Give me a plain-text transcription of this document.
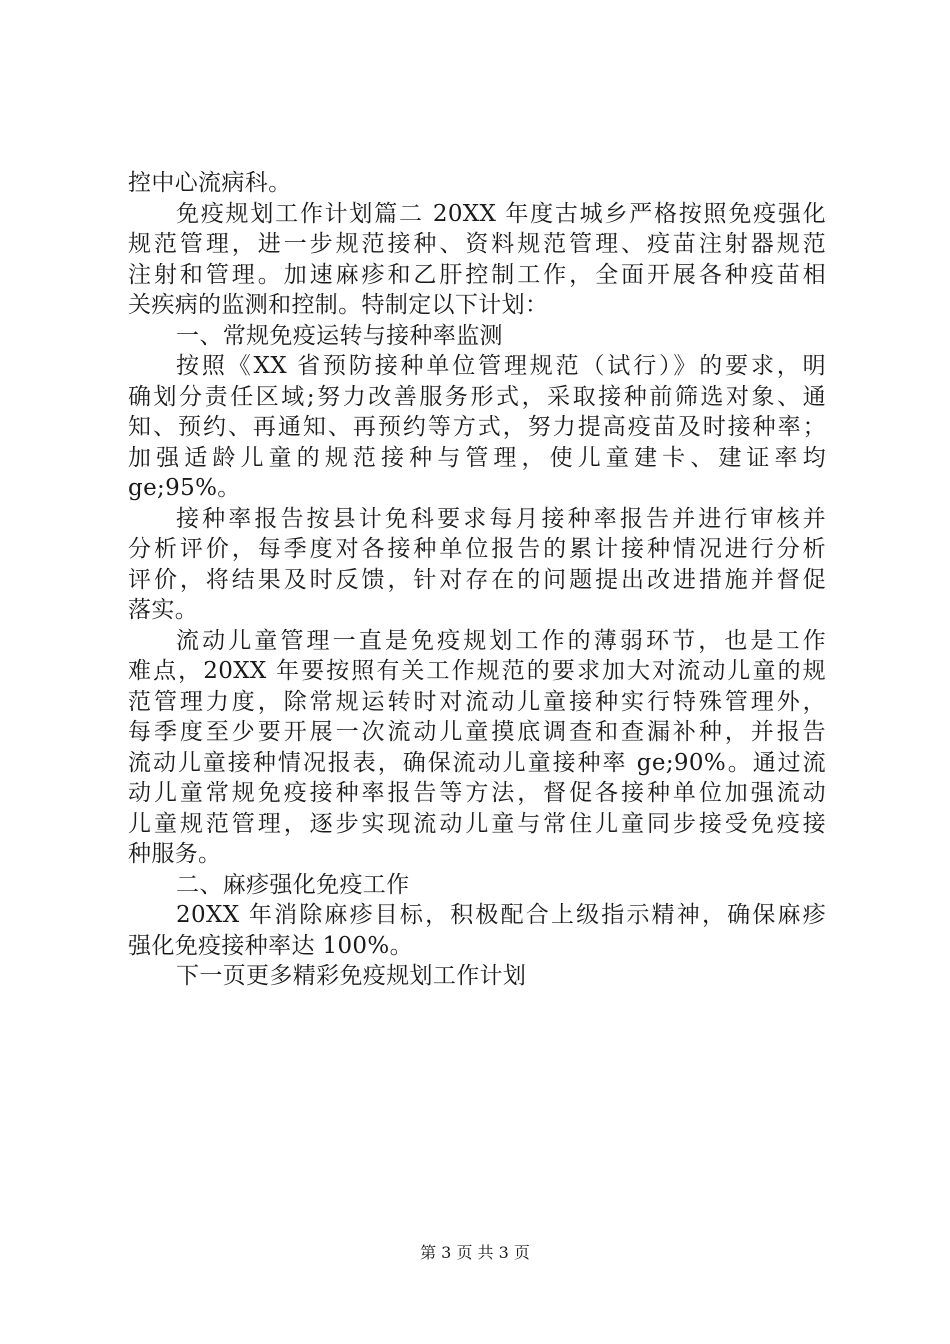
控中心流病科。
免疫规划工作计划篇二 20XX 年度古城乡严格按照免疫强化
规范管理，进一步规范接种、资料规范管理、疫苗注射器规范
注射和管理。加速麻疹和乙肝控制工作，全面开展各种疫苗相
关疾病的监测和控制。特制定以下计划：
一、常规免疫运转与接种率监测
按照《XX 省预防接种单位管理规范（试行）》的要求，明
确划分责任区域;努力改善服务形式，采取接种前筛选对象、通
知、预约、再通知、再预约等方式，努力提高疫苗及时接种率；
加强适龄儿童的规范接种与管理，使儿童建卡、建证率均
ge;95%。
接种率报告按县计免科要求每月接种率报告并进行审核并
分析评价，每季度对各接种单位报告的累计接种情况进行分析
评价，将结果及时反馈，针对存在的问题提出改进措施并督促
落实。
流动儿童管理一直是免疫规划工作的薄弱环节，也是工作
难点，20XX 年要按照有关工作规范的要求加大对流动儿童的规
范管理力度，除常规运转时对流动儿童接种实行特殊管理外，
每季度至少要开展一次流动儿童摸底调查和查漏补种，并报告
流动儿童接种情况报表，确保流动儿童接种率 ge;90%。通过流
动儿童常规免疫接种率报告等方法，督促各接种单位加强流动
儿童规范管理，逐步实现流动儿童与常住儿童同步接受免疫接
种服务。
二、麻疹强化免疫工作
20XX 年消除麻疹目标，积极配合上级指示精神，确保麻疹
强化免疫接种率达 100%。
下一页更多精彩免疫规划工作计划
第 3 页 共 3 页
